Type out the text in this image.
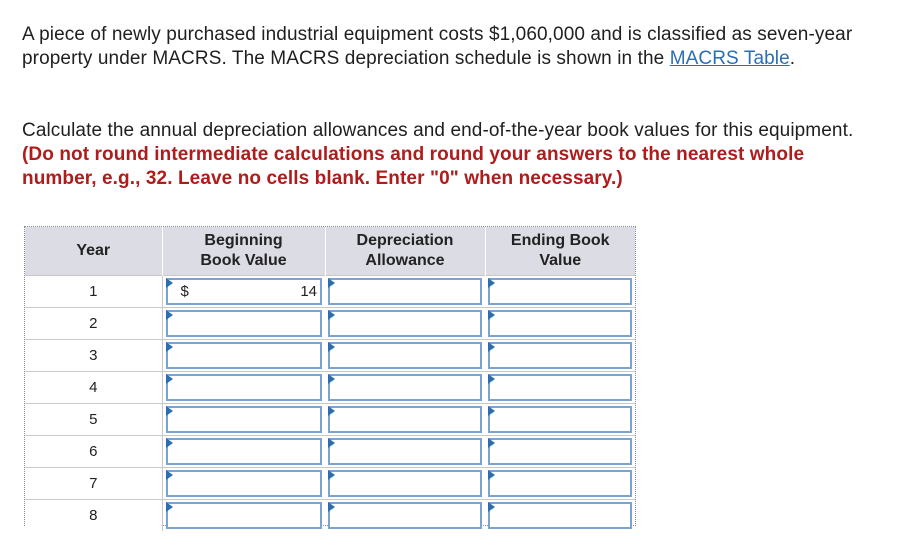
A piece of newly purchased industrial equipment costs $1,060,000 and is classified as seven-year property under MACRS. The MACRS depreciation schedule is shown in the MACRS Table.
Calculate the annual depreciation allowances and end-of-the-year book values for this equipment. (Do not round intermediate calculations and round your answers to the nearest whole number, e.g., 32. Leave no cells blank. Enter "0" when necessary.)
Year	Beginning Book Value	Depreciation Allowance	Ending Book Value

1	$ 14		

2	

3	

4	

5	

6	

7	

8	
